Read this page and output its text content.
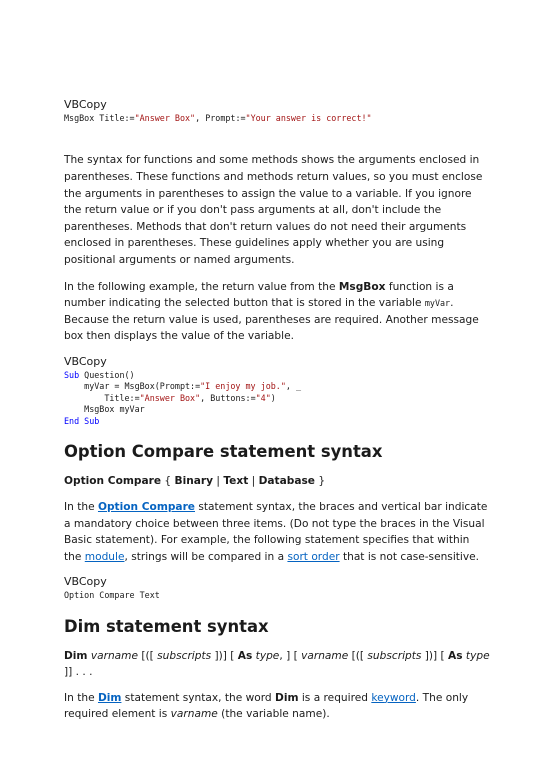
VBCopy

MsgBox Title:="Answer Box", Prompt:="Your answer is correct!"

The syntax for functions and some methods shows the arguments enclosed in parentheses. These functions and methods return values, so you must enclose the arguments in parentheses to assign the value to a variable. If you ignore the return value or if you don't pass arguments at all, don't include the parentheses. Methods that don't return values do not need their arguments enclosed in parentheses. These guidelines apply whether you are using positional arguments or named arguments.

In the following example, the return value from the MsgBox function is a number indicating the selected button that is stored in the variable myVar. Because the return value is used, parentheses are required. Another message box then displays the value of the variable.

VBCopy

Sub Question()
myVar = MsgBox(Prompt:="I enjoy my job.", _
Title:="Answer Box", Buttons:="4")
MsgBox myVar
End Sub
Option Compare statement syntax

Option Compare { Binary | Text | Database }

In the Option Compare statement syntax, the braces and vertical bar indicate a mandatory choice between three items. (Do not type the braces in the Visual Basic statement). For example, the following statement specifies that within the module, strings will be compared in a sort order that is not case-sensitive.

VBCopy

Option Compare Text
Dim statement syntax

Dim varname [([ subscripts ])] [ As type, ] [ varname [([ subscripts ])] [ As type ]] . . .

In the Dim statement syntax, the word Dim is a required keyword. The only required element is varname (the variable name).
